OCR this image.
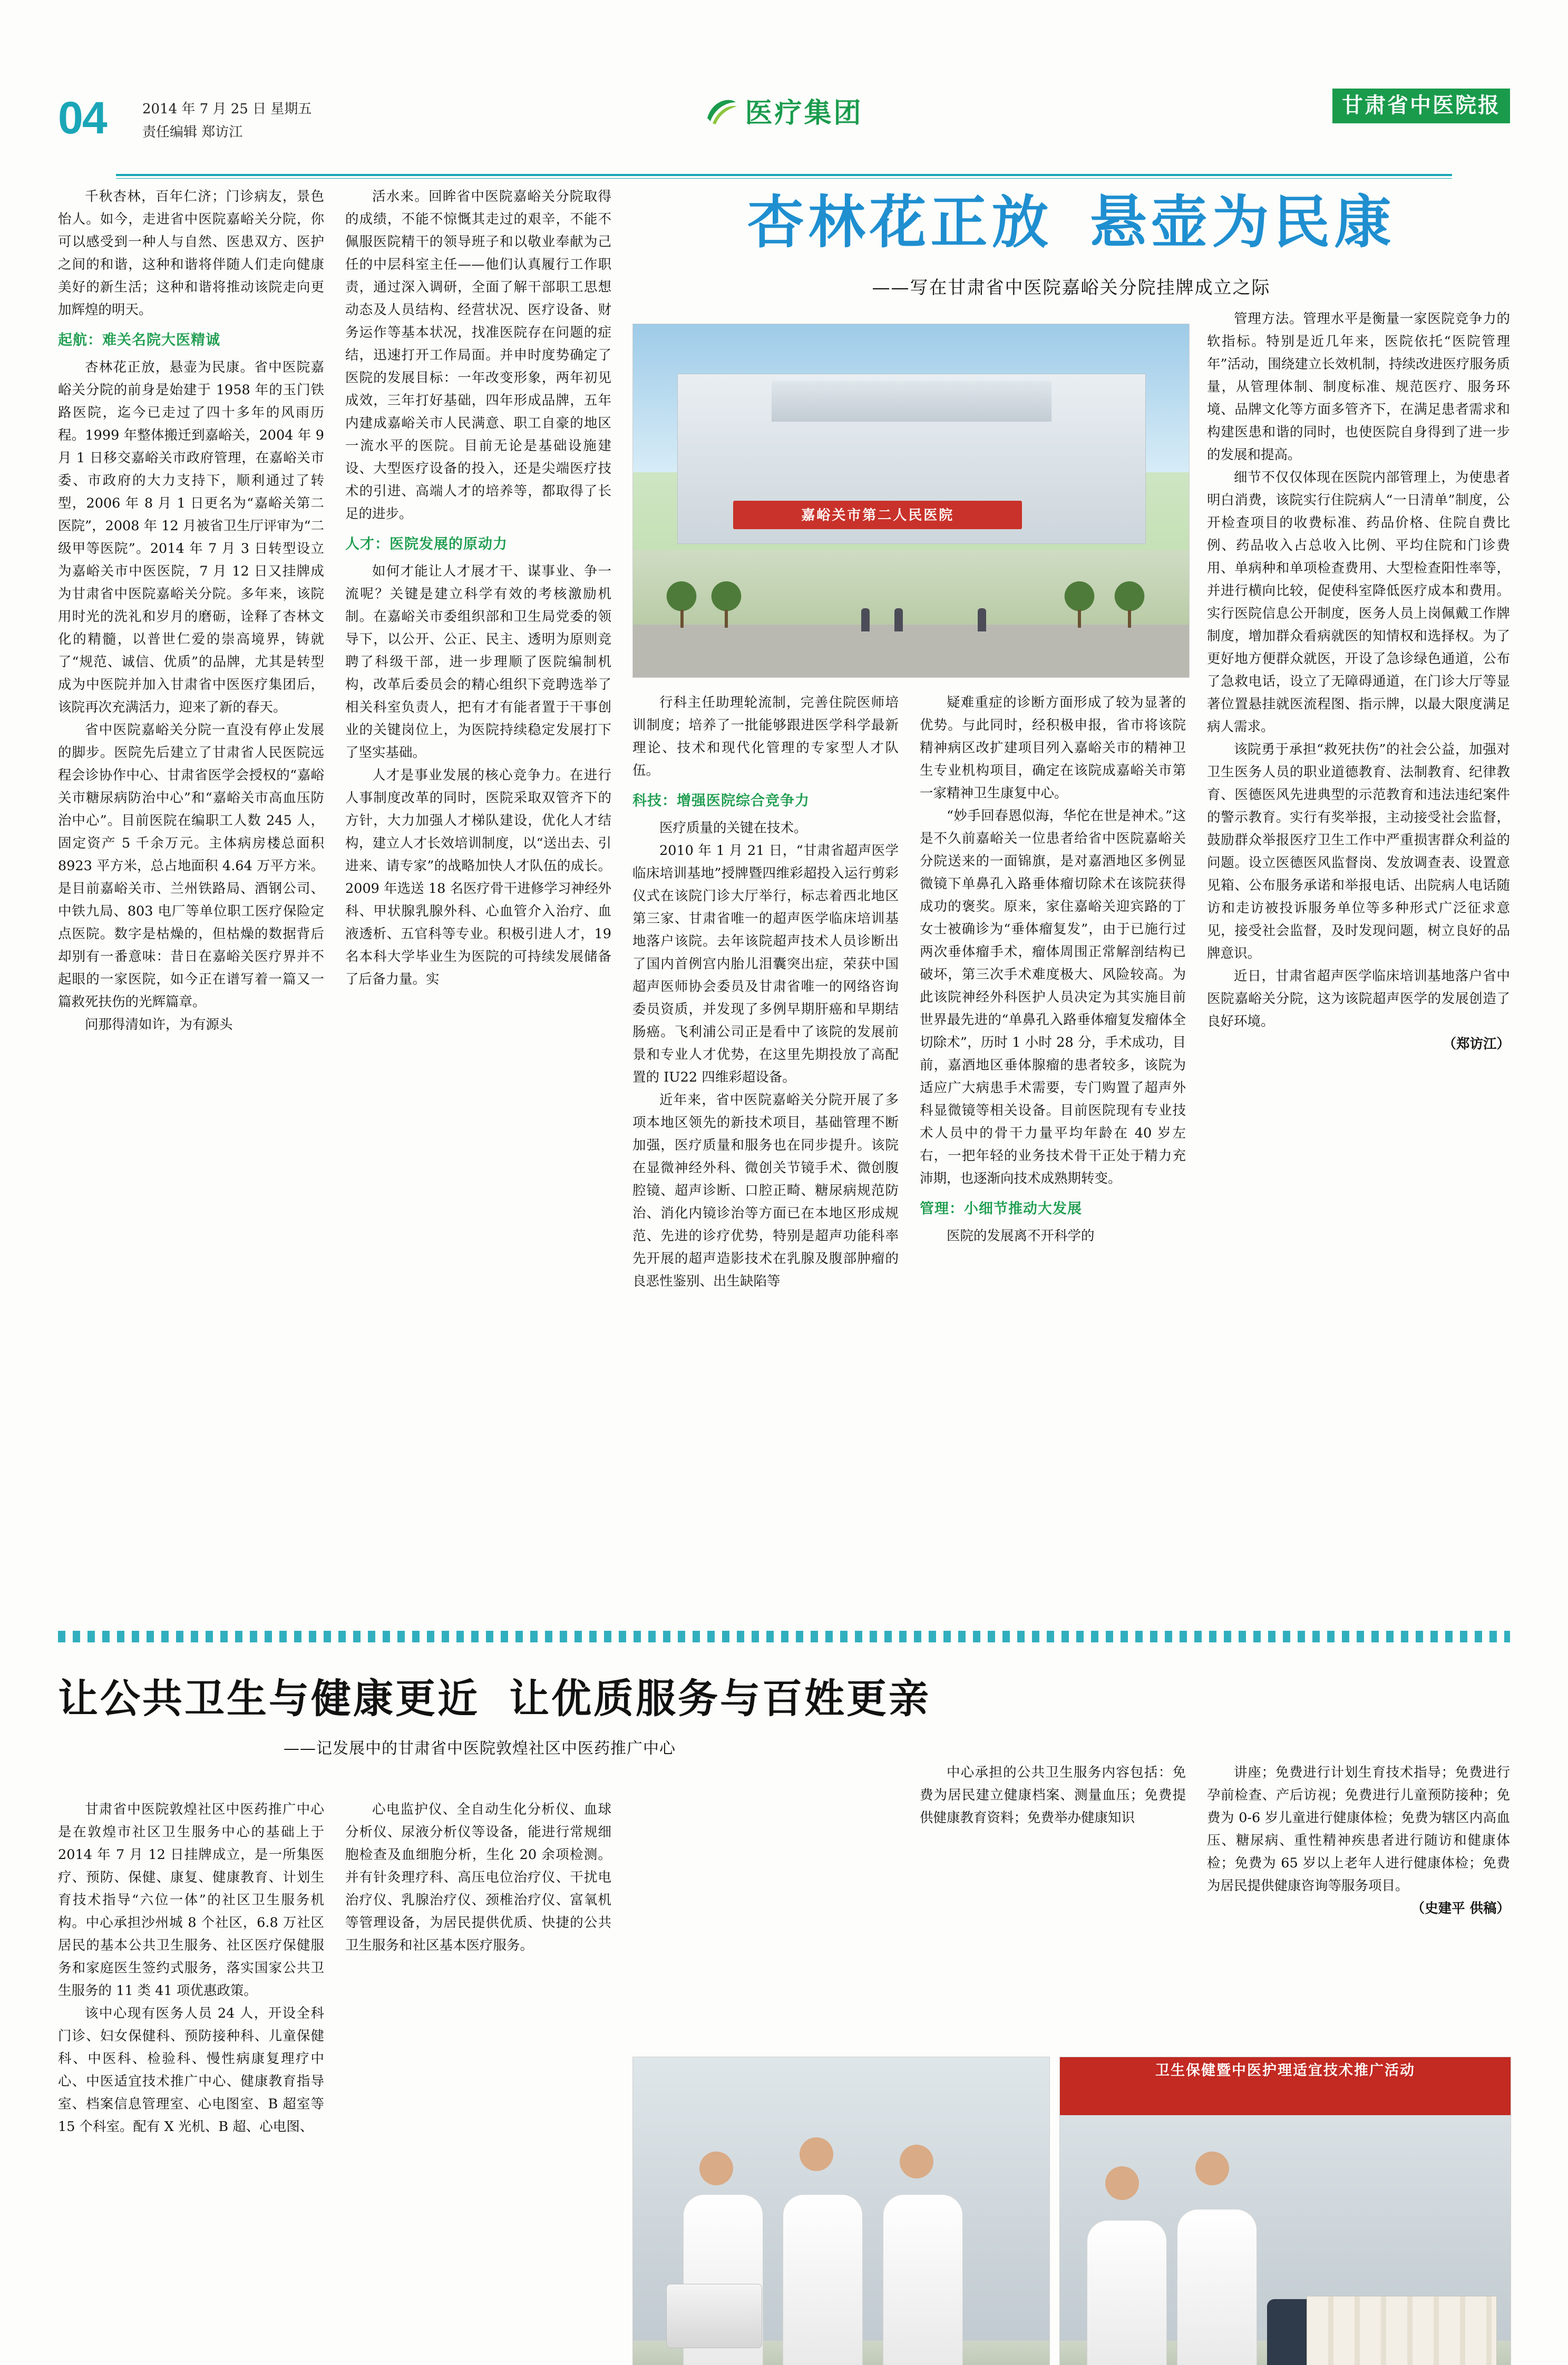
04	2014 年 7 月 25 日 星期五
责任编辑 郑访江
医疗集团	甘肃省中医院报
杏林花正放 悬壶为民康
——写在甘肃省中医院嘉峪关分院挂牌成立之际
嘉峪关市第二人民医院

千秋杏林，百年仁济；门诊病友，景色怡人。如今，走进省中医院嘉峪关分院，你可以感受到一种人与自然、医患双方、医护之间的和谐，这种和谐将伴随人们走向健康美好的新生活；这种和谐将推动该院走向更加辉煌的明天。

起航：难关名院大医精诚

杏林花正放，悬壶为民康。省中医院嘉峪关分院的前身是始建于 1958 年的玉门铁路医院，迄今已走过了四十多年的风雨历程。1999 年整体搬迁到嘉峪关，2004 年 9 月 1 日移交嘉峪关市政府管理，在嘉峪关市委、市政府的大力支持下，顺利通过了转型，2006 年 8 月 1 日更名为“嘉峪关第二医院”，2008 年 12 月被省卫生厅评审为“二级甲等医院”。2014 年 7 月 3 日转型设立为嘉峪关市中医医院，7 月 12 日又挂牌成为甘肃省中医院嘉峪关分院。多年来，该院用时光的洗礼和岁月的磨砺，诠释了杏林文化的精髓，以普世仁爱的崇高境界，铸就了“规范、诚信、优质”的品牌，尤其是转型成为中医院并加入甘肃省中医医疗集团后，该院再次充满活力，迎来了新的春天。

省中医院嘉峪关分院一直没有停止发展的脚步。医院先后建立了甘肃省人民医院远程会诊协作中心、甘肃省医学会授权的“嘉峪关市糖尿病防治中心”和“嘉峪关市高血压防治中心”。目前医院在编职工人数 245 人，固定资产 5 千余万元。主体病房楼总面积 8923 平方米，总占地面积 4.64 万平方米。是目前嘉峪关市、兰州铁路局、酒钢公司、中铁九局、803 电厂等单位职工医疗保险定点医院。数字是枯燥的，但枯燥的数据背后却别有一番意味：昔日在嘉峪关医疗界并不起眼的一家医院，如今正在谱写着一篇又一篇救死扶伤的光辉篇章。

问那得清如许，为有源头

活水来。回眸省中医院嘉峪关分院取得的成绩，不能不惊慨其走过的艰辛，不能不佩服医院精干的领导班子和以敬业奉献为己任的中层科室主任——他们认真履行工作职责，通过深入调研，全面了解干部职工思想动态及人员结构、经营状况、医疗设备、财务运作等基本状况，找准医院存在问题的症结，迅速打开工作局面。并申时度势确定了医院的发展目标：一年改变形象，两年初见成效，三年打好基础，四年形成品牌，五年内建成嘉峪关市人民满意、职工自豪的地区一流水平的医院。目前无论是基础设施建设、大型医疗设备的投入，还是尖端医疗技术的引进、高端人才的培养等，都取得了长足的进步。

人才：医院发展的原动力

如何才能让人才展才干、谋事业、争一流呢？关键是建立科学有效的考核激励机制。在嘉峪关市委组织部和卫生局党委的领导下，以公开、公正、民主、透明为原则竞聘了科级干部，进一步理顺了医院编制机构，改革后委员会的精心组织下竞聘选举了相关科室负责人，把有才有能者置于干事创业的关键岗位上，为医院持续稳定发展打下了坚实基础。

人才是事业发展的核心竞争力。在进行人事制度改革的同时，医院采取双管齐下的方针，大力加强人才梯队建设，优化人才结构，建立人才长效培训制度，以“送出去、引进来、请专家”的战略加快人才队伍的成长。2009 年选送 18 名医疗骨干进修学习神经外科、甲状腺乳腺外科、心血管介入治疗、血液透析、五官科等专业。积极引进人才，19 名本科大学毕业生为医院的可持续发展储备了后备力量。实

行科主任助理轮流制，完善住院医师培训制度；培养了一批能够跟进医学科学最新理论、技术和现代化管理的专家型人才队伍。

科技：增强医院综合竞争力

医疗质量的关键在技术。

2010 年 1 月 21 日，“甘肃省超声医学临床培训基地”授牌暨四维彩超投入运行剪彩仪式在该院门诊大厅举行，标志着西北地区第三家、甘肃省唯一的超声医学临床培训基地落户该院。去年该院超声技术人员诊断出了国内首例宫内胎儿泪囊突出症，荣获中国超声医师协会委员及甘肃省唯一的网络咨询委员资质，并发现了多例早期肝癌和早期结肠癌。飞利浦公司正是看中了该院的发展前景和专业人才优势，在这里先期投放了高配置的 IU22 四维彩超设备。

近年来，省中医院嘉峪关分院开展了多项本地区领先的新技术项目，基础管理不断加强，医疗质量和服务也在同步提升。该院在显微神经外科、微创关节镜手术、微创腹腔镜、超声诊断、口腔正畸、糖尿病规范防治、消化内镜诊治等方面已在本地区形成规范、先进的诊疗优势，特别是超声功能科率先开展的超声造影技术在乳腺及腹部肿瘤的良恶性鉴别、出生缺陷等

疑难重症的诊断方面形成了较为显著的优势。与此同时，经积极申报，省市将该院精神病区改扩建项目列入嘉峪关市的精神卫生专业机构项目，确定在该院成嘉峪关市第一家精神卫生康复中心。

“妙手回春恩似海，华佗在世是神术。”这是不久前嘉峪关一位患者给省中医院嘉峪关分院送来的一面锦旗，是对嘉酒地区多例显微镜下单鼻孔入路垂体瘤切除术在该院获得成功的褒奖。原来，家住嘉峪关迎宾路的丁女士被确诊为“垂体瘤复发”，由于已施行过两次垂体瘤手术，瘤体周围正常解剖结构已破坏，第三次手术难度极大、风险较高。为此该院神经外科医护人员决定为其实施目前世界最先进的“单鼻孔入路垂体瘤复发瘤体全切除术”，历时 1 小时 28 分，手术成功，目前，嘉酒地区垂体腺瘤的患者较多，该院为适应广大病患手术需要，专门购置了超声外科显微镜等相关设备。目前医院现有专业技术人员中的骨干力量平均年龄在 40 岁左右，一把年轻的业务技术骨干正处于精力充沛期，也逐渐向技术成熟期转变。

管理：小细节推动大发展

医院的发展离不开科学的

管理方法。管理水平是衡量一家医院竞争力的软指标。特别是近几年来，医院依托“医院管理年”活动，围绕建立长效机制，持续改进医疗服务质量，从管理体制、制度标准、规范医疗、服务环境、品牌文化等方面多管齐下，在满足患者需求和构建医患和谐的同时，也使医院自身得到了进一步的发展和提高。

细节不仅仅体现在医院内部管理上，为使患者明白消费，该院实行住院病人“一日清单”制度，公开检查项目的收费标准、药品价格、住院自费比例、药品收入占总收入比例、平均住院和门诊费用、单病种和单项检查费用、大型检查阳性率等，并进行横向比较，促使科室降低医疗成本和费用。实行医院信息公开制度，医务人员上岗佩戴工作牌制度，增加群众看病就医的知情权和选择权。为了更好地方便群众就医，开设了急诊绿色通道，公布了急救电话，设立了无障碍通道，在门诊大厅等显著位置悬挂就医流程图、指示牌，以最大限度满足病人需求。

该院勇于承担“救死扶伤”的社会公益，加强对卫生医务人员的职业道德教育、法制教育、纪律教育、医德医风先进典型的示范教育和违法违纪案件的警示教育。实行有奖举报，主动接受社会监督，鼓励群众举报医疗卫生工作中严重损害群众利益的问题。设立医德医风监督岗、发放调查表、设置意见箱、公布服务承诺和举报电话、出院病人电话随访和走访被投诉服务单位等多种形式广泛征求意见，接受社会监督，及时发现问题，树立良好的品牌意识。

近日，甘肃省超声医学临床培训基地落户省中医院嘉峪关分院，这为该院超声医学的发展创造了良好环境。

（郑访江）

让公共卫生与健康更近 让优质服务与百姓更亲
——记发展中的甘肃省中医院敦煌社区中医药推广中心

甘肃省中医院敦煌社区中医药推广中心是在敦煌市社区卫生服务中心的基础上于 2014 年 7 月 12 日挂牌成立，是一所集医疗、预防、保健、康复、健康教育、计划生育技术指导“六位一体”的社区卫生服务机构。中心承担沙州城 8 个社区，6.8 万社区居民的基本公共卫生服务、社区医疗保健服务和家庭医生签约式服务，落实国家公共卫生服务的 11 类 41 项优惠政策。

该中心现有医务人员 24 人，开设全科门诊、妇女保健科、预防接种科、儿童保健科、中医科、检验科、慢性病康复理疗中心、中医适宜技术推广中心、健康教育指导室、档案信息管理室、心电图室、B 超室等 15 个科室。配有 X 光机、B 超、心电图、

心电监护仪、全自动生化分析仪、血球分析仪、尿液分析仪等设备，能进行常规细胞检查及血细胞分析，生化 20 余项检测。并有针灸理疗科、高压电位治疗仪、干扰电治疗仪、乳腺治疗仪、颈椎治疗仪、富氧机等管理设备，为居民提供优质、快捷的公共卫生服务和社区基本医疗服务。

中心承担的公共卫生服务内容包括：免费为居民建立健康档案、测量血压；免费提供健康教育资料；免费举办健康知识

讲座；免费进行计划生育技术指导；免费进行孕前检查、产后访视；免费进行儿童预防接种；免费为 0-6 岁儿童进行健康体检；免费为辖区内高血压、糖尿病、重性精神疾患者进行随访和健康体检；免费为 65 岁以上老年人进行健康体检；免费为居民提供健康咨询等服务项目。

（史建平 供稿）

卫生保健暨中医护理适宜技术推广活动
